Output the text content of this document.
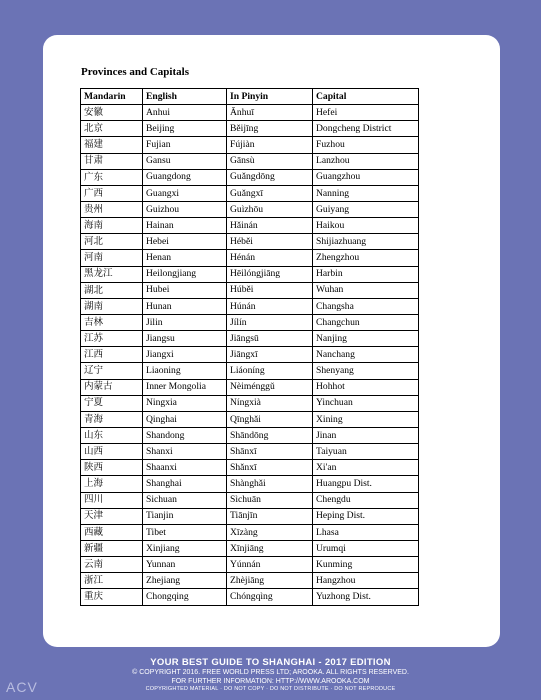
Provinces and Capitals
Mandarin	English	In Pinyin	Capital
安徽	Anhui	Ānhuī	Hefei
北京	Beijing	Běijīng	Dongcheng District
福建	Fujian	Fújiàn	Fuzhou
甘肃	Gansu	Gānsù	Lanzhou
广东	Guangdong	Guǎngdōng	Guangzhou
广西	Guangxi	Guǎngxī	Nanning
贵州	Guizhou	Guìzhōu	Guiyang
海南	Hainan	Hǎinán	Haikou
河北	Hebei	Héběi	Shijiazhuang
河南	Henan	Hénán	Zhengzhou
黑龙江	Heilongjiang	Hēilóngjiāng	Harbin
湖北	Hubei	Húběi	Wuhan
湖南	Hunan	Húnán	Changsha
吉林	Jilin	Jílín	Changchun
江苏	Jiangsu	Jiāngsū	Nanjing
江西	Jiangxi	Jiāngxī	Nanchang
辽宁	Liaoning	Liáoníng	Shenyang
内蒙古	Inner Mongolia	Nèiménggǔ	Hohhot
宁夏	Ningxia	Níngxià	Yinchuan
青海	Qinghai	Qīnghǎi	Xining
山东	Shandong	Shāndōng	Jinan
山西	Shanxi	Shānxī	Taiyuan
陕西	Shaanxi	Shǎnxī	Xi'an
上海	Shanghai	Shànghǎi	Huangpu Dist.
四川	Sichuan	Sìchuān	Chengdu
天津	Tianjin	Tiānjīn	Heping Dist.
西藏	Tibet	Xīzàng	Lhasa
新疆	Xinjiang	Xīnjiāng	Urumqi
云南	Yunnan	Yúnnán	Kunming
浙江	Zhejiang	Zhèjiāng	Hangzhou
重庆	Chongqing	Chóngqìng	Yuzhong Dist.
YOUR BEST GUIDE TO SHANGHAI - 2017 EDITION
© COPYRIGHT 2016. FREE WORLD PRESS LTD; AROOKA. ALL RIGHTS RESERVED.
FOR FURTHER INFORMATION: HTTP://WWW.AROOKA.COM
COPYRIGHTED MATERIAL · DO NOT COPY · DO NOT DISTRIBUTE · DO NOT REPRODUCE
ACV
